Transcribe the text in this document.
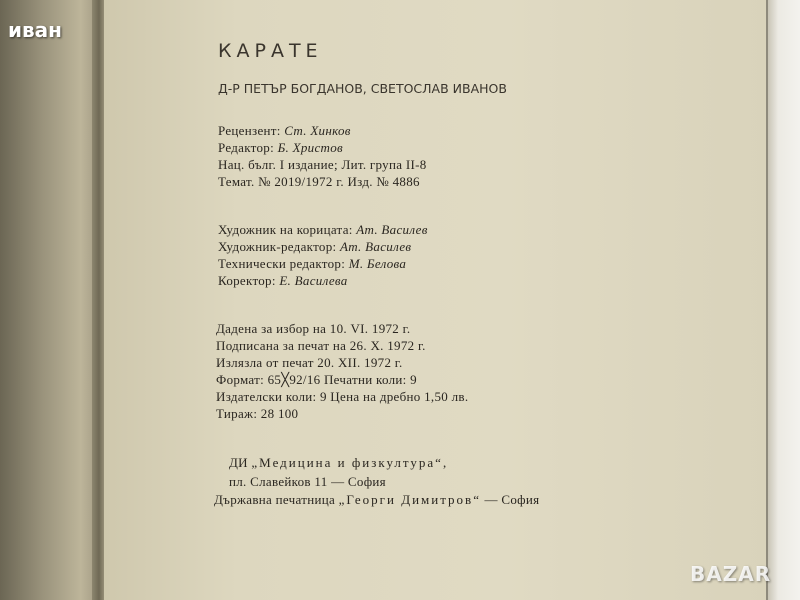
иван
КАРАТЕ
Д-Р ПЕТЪР БОГДАНОВ, СВЕТОСЛАВ ИВАНОВ
Рецензент: Ст. Хинков
Редактор: Б. Христов
Нац. бълг. I издание; Лит. група II-8
Темат. № 2019/1972 г. Изд. № 4886
Художник на корицата: Ат. Василев
Художник-редактор: Ат. Василев
Технически редактор: М. Белова
Коректор: Е. Василева
Дадена за избор на 10. VI. 1972 г.
Подписана за печат на 26. X. 1972 г.
Излязла от печат 20. XII. 1972 г.
Формат: 65╳92/16 Печатни коли: 9
Издателски коли: 9 Цена на дребно 1,50 лв.
Тираж: 28 100
ДИ „Медицина и физкултура“,
пл. Славейков 11 — София
Държавна печатница „Георги Димитров“ — София
BAZAR
